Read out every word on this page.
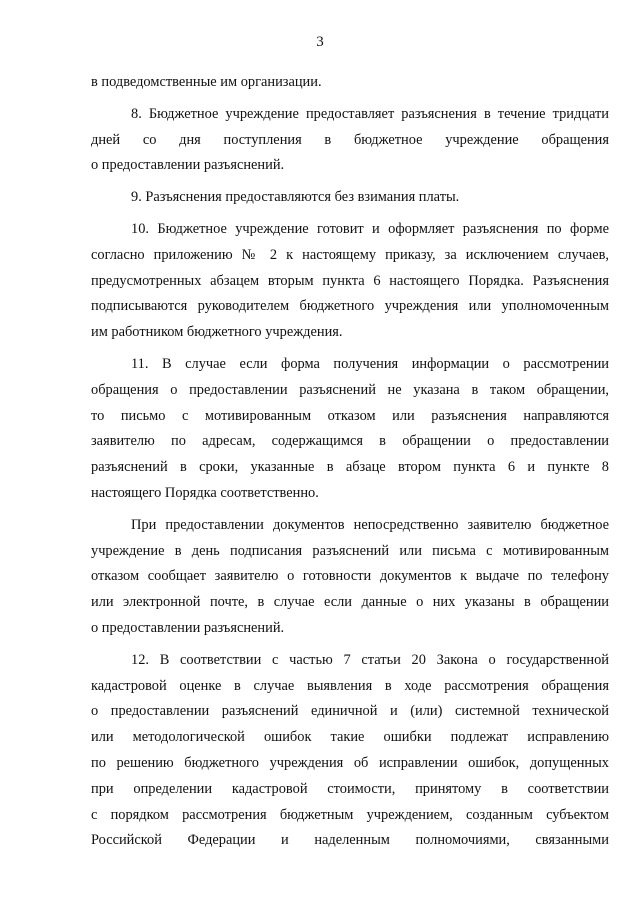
3
в подведомственные им организации.
8. Бюджетное учреждение предоставляет разъяснения в течение тридцати
дней со дня поступления в бюджетное учреждение обращения
о предоставлении разъяснений.
9. Разъяснения предоставляются без взимания платы.
10. Бюджетное учреждение готовит и оформляет разъяснения по форме
согласно приложению № 2 к настоящему приказу, за исключением случаев,
предусмотренных абзацем вторым пункта 6 настоящего Порядка. Разъяснения
подписываются руководителем бюджетного учреждения или уполномоченным
им работником бюджетного учреждения.
11. В случае если форма получения информации о рассмотрении
обращения о предоставлении разъяснений не указана в таком обращении,
то письмо с мотивированным отказом или разъяснения направляются
заявителю по адресам, содержащимся в обращении о предоставлении
разъяснений в сроки, указанные в абзаце втором пункта 6 и пункте 8
настоящего Порядка соответственно.
При предоставлении документов непосредственно заявителю бюджетное
учреждение в день подписания разъяснений или письма с мотивированным
отказом сообщает заявителю о готовности документов к выдаче по телефону
или электронной почте, в случае если данные о них указаны в обращении
о предоставлении разъяснений.
12. В соответствии с частью 7 статьи 20 Закона о государственной
кадастровой оценке в случае выявления в ходе рассмотрения обращения
о предоставлении разъяснений единичной и (или) системной технической
или методологической ошибок такие ошибки подлежат исправлению
по решению бюджетного учреждения об исправлении ошибок, допущенных
при определении кадастровой стоимости, принятому в соответствии
с порядком рассмотрения бюджетным учреждением, созданным субъектом
Российской Федерации и наделенным полномочиями, связанными
